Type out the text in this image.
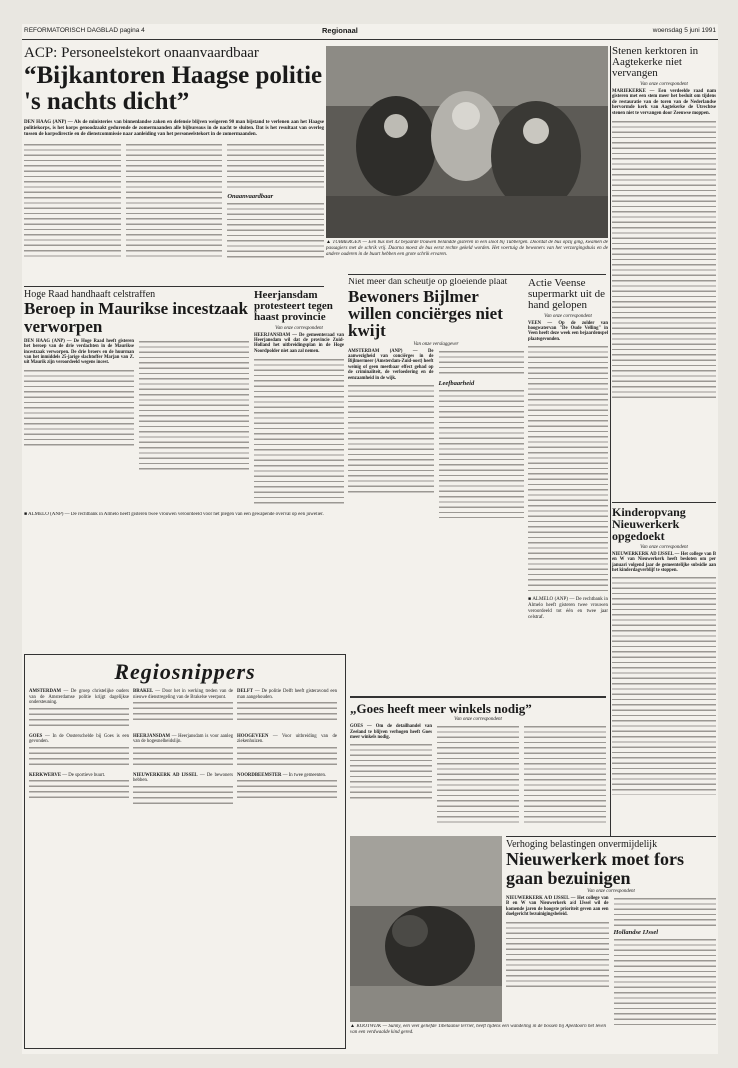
REFORMATORISCH DAGBLAD pagina 4	Regionaal	woensdag 5 juni 1991
ACP: Personeelstekort onaanvaardbaar
“Bijkantoren Haagse politie 's nachts dicht”
DEN HAAG (ANP) — Als de ministeries van binnenlandse zaken en defensie blijven weigeren 90 man bijstand te verlenen aan het Haagse politiekorps, is het korps genoodzaakt gedurende de zomermaanden alle bijbureaus in de nacht te sluiten. Dat is het resultaat van overleg tussen de korpsdirectie en de dienstcommissie naar aanleiding van het personeelstekort in de zomermaanden.
Onaanvaardbaar
▲ TUBBERGEN — Een bus met 43 bejaarde trouwen belandde gisteren in een sloot bij Tubbergen. Doordat de bus opzij ging, kwamen de passagiers met de schrik vrij. Daarna moest de bus eerst rechte gekeld worden. Het voertuig de bewoners van het verzorgingshuis en de andere ouderen in de buurt hebben een grote schrik ervaren.
Stenen kerktoren in Aagtekerke niet vervangen
Van onze correspondent
MARIEKERKE — Een verdeelde raad nam gisteren met een stem meer het besluit om tijdens de restauratie van de toren van de Nederlandse hervormde kerk van Aagtekerke de Utrechtse stenen niet te vervangen door Zeeuwse moppen.
Hoge Raad handhaaft celstraffen
Beroep in Maurikse incestzaak verworpen
DEN HAAG (ANP) — De Hoge Raad heeft gisteren het beroep van de drie verdachten in de Maurikse incestzaak verworpen. De drie broers en de huurman van het inmiddels 25-jarige slachtoffer Marjan van Z. uit Maurik zijn veroordeeld wegens incest.
■ ALMELO (ANP) — De rechtbank in Almelo heeft gisteren twee vrouwen veroordeeld voor het plegen van een gewapende overval op een juwelier.
Heerjansdam protesteert tegen haast provincie
Van onze correspondent
HEERJANSDAM — De gemeenteraad van Heerjansdam wil dat de provincie Zuid-Holland het uitbreidingsplan in de Hoge Noordpolder niet aan zal nemen.
Niet meer dan scheutje op gloeiende plaat
Bewoners Bijlmer willen conciërges niet kwijt
Van onze verslaggever
AMSTERDAM (ANP) — De aanwezigheid van conciërges in de Bijlmermeer (Amsterdam-Zuid-oost) heeft weinig of geen meetbaar effect gehad op de criminaliteit, de verloedering en de eenzaamheid in de wijk.
Leefbaarheid
Actie Veense supermarkt uit de hand gelopen
Van onze correspondent
VEEN — Op de zolder van hoogwatervan "De Oude Velling" in Veen heeft deze week een bejaardenspel plaatsgevonden.
■ ALMELO (ANP) — De rechtbank in Almelo heeft gisteren twee vrouwen veroordeeld tot één en twee jaar celstraf.
Kinderopvang Nieuwerkerk opgedoekt
Van onze correspondent
NIEUWERKERK AD IJSSEL — Het college van B en W van Nieuwerkerk heeft besloten om per januari volgend jaar de gemeentelijke subsidie aan het kinderdagverblijf te stoppen.
Regiosnippers
AMSTERDAM — De groep christelijke ouders van de Amsterdamse politie krijgt dagelijkse ondersteuning.
BRAKEL — Door het in werking treden van de nieuwe dienstregeling van de Brakelse veerpont.
DELFT — De politie Delft heeft gisteravond een man aangehouden.
GOES — In de Oosterschelde bij Goes is een gevonden.
HEERJANSDAM — Heerjansdam is voor aanleg van de hogesnelheidslijn.
HOOGEVEEN — Voor uitbreiding van de ziekenhuizen.
KERKWERVE — De sportieve buurt.	NIEUWERKERK AD IJSSEL — De bewoners hebben.
NOORDBEEMSTER — In twee gemeenten.
„Goes heeft meer winkels nodig”
Van onze correspondent
GOES — Om de detailhandel van Zeeland te blijven verhogen heeft Goes meer winkels nodig.
▲ KOOTWIJK — Sunny, een veel geliefde Tibetaanse terrier, heeft tijdens een wandeling in de bossen bij Apeldoorn het leven van een verdwaalde kind gered.
Verhoging belastingen onvermijdelijk
Nieuwerkerk moet fors gaan bezuinigen
Van onze correspondent
NIEUWERKERK A/D IJSSEL — Het college van B en W van Nieuwerkerk a/d IJssel wil de komende jaren de hoogste prioriteit geven aan een doelgericht bezuinigingsbeleid.
Hollandse IJssel
